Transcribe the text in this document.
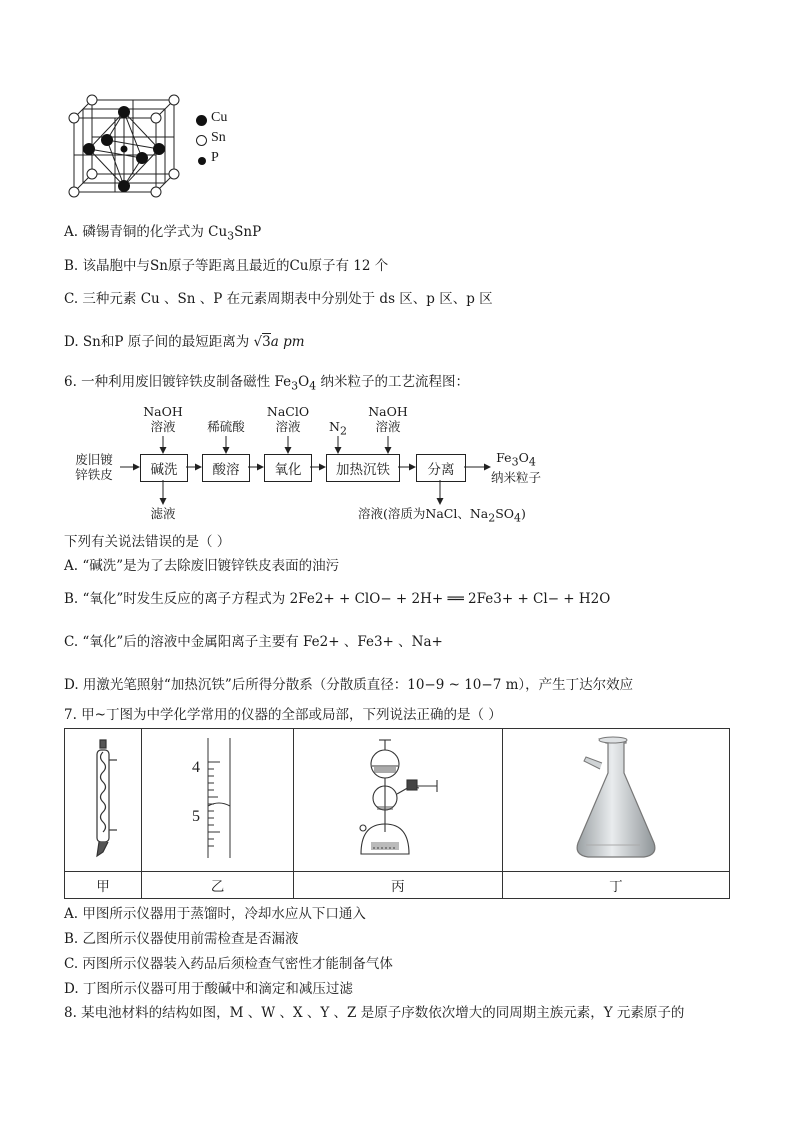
Cu
Sn
P
A. 磷锡青铜的化学式为 $Cu_3SnP$
B. 该晶胞中与Sn原子等距离且最近的Cu原子有 12 个
C. 三种元素 Cu 、Sn 、P 在元素周期表中分别处于 ds 区、p 区、p 区
D. Sn和P 原子间的最短距离为 √3a pm
6. 一种利用废旧镀锌铁皮制备磁性 $Fe_3O_4$ 纳米粒子的工艺流程图：
废旧镀
锌铁皮
NaOH
溶液	稀硫酸
NaClO
溶液	$N_2$
NaOH
溶液
碱洗	酸溶	氧化	加热沉铁	分离
$Fe_3O_4$
纳米粒子
滤液	溶液(溶质为NaCl、$Na_2SO_4$)
下列有关说法错误的是（ ）
A. “碱洗”是为了去除废旧镀锌铁皮表面的油污
B. “氧化”时发生反应的离子方程式为 2Fe2+ + ClO− + 2H+ ══ 2Fe3+ + Cl− + H2O
C. “氧化”后的溶液中金属阳离子主要有 Fe2+ 、Fe3+ 、Na+
D. 用激光笔照射“加热沉铁”后所得分散系（分散质直径：10−9 ~ 10−7 m），产生丁达尔效应
7. 甲~丁图为中学化学常用的仪器的全部或局部，下列说法正确的是（ ）

4
5

甲	乙	丙	丁
A. 甲图所示仪器用于蒸馏时，冷却水应从下口通入
B. 乙图所示仪器使用前需检查是否漏液
C. 丙图所示仪器装入药品后须检查气密性才能制备气体
D. 丁图所示仪器可用于酸碱中和滴定和减压过滤
8. 某电池材料的结构如图，M 、W 、X 、Y 、Z 是原子序数依次增大的同周期主族元素，Y 元素原子的
